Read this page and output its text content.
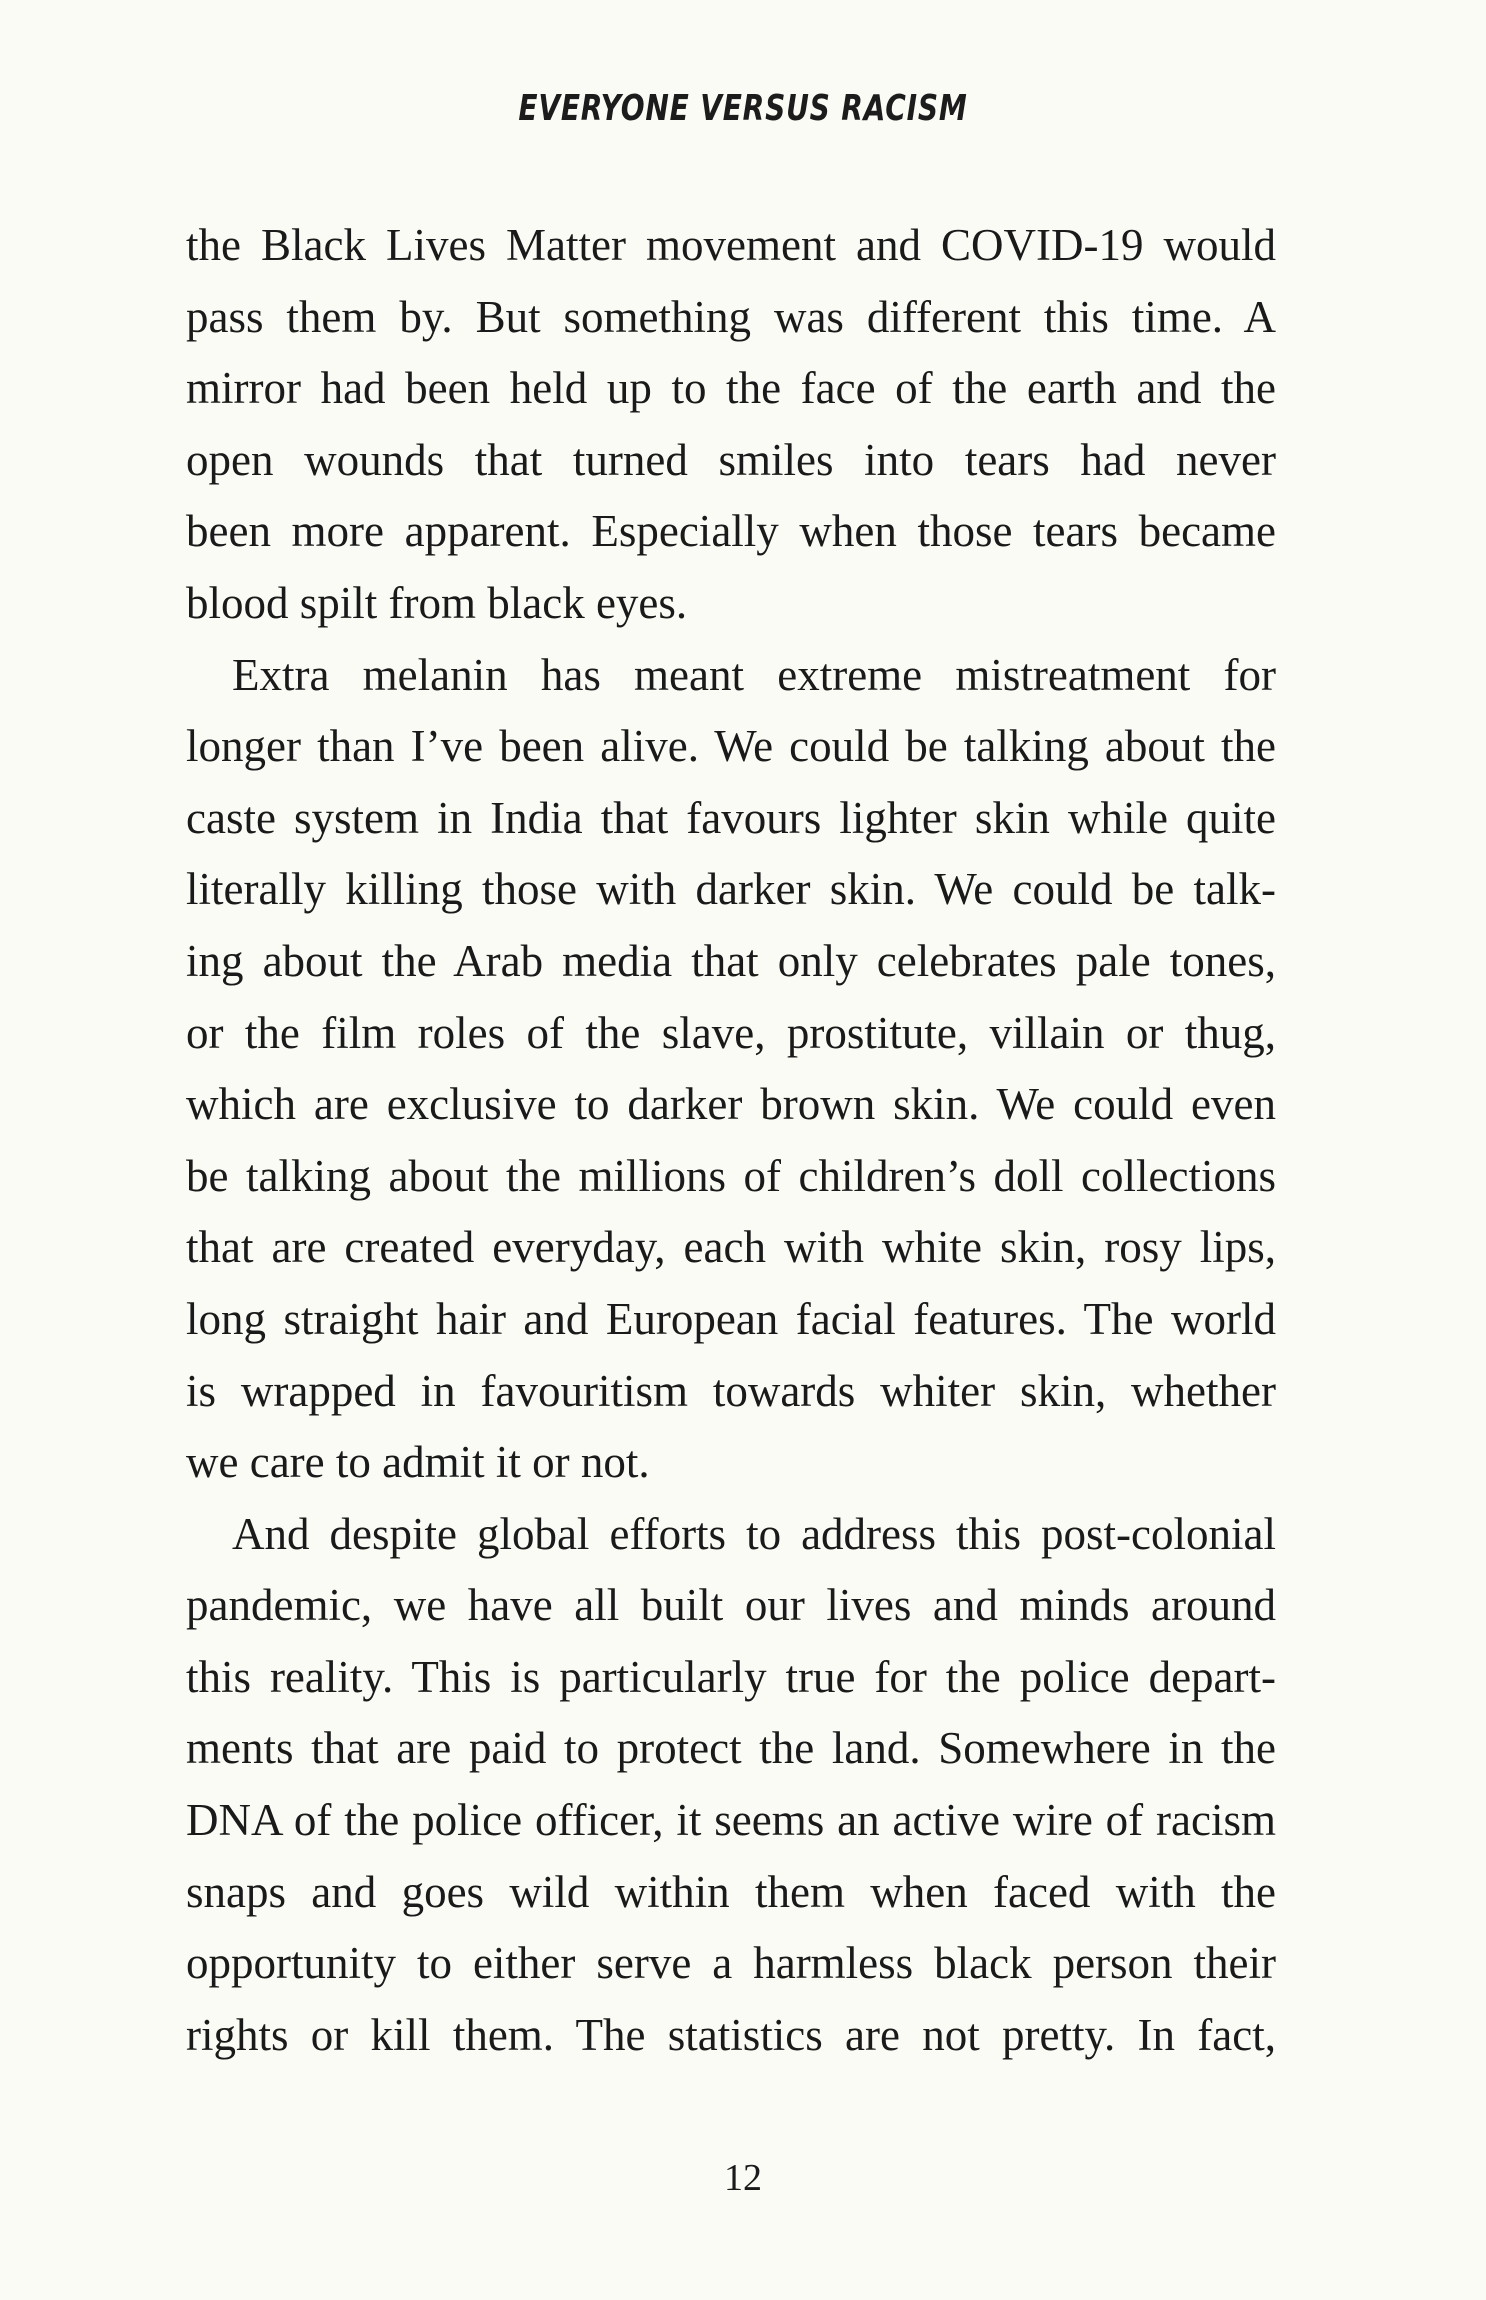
EVERYONE VERSUS RACISM

the Black Lives Matter movement and COVID-19 would
pass them by. But something was different this time. A
mirror had been held up to the face of the earth and the
open wounds that turned smiles into tears had never
been more apparent. Especially when those tears became
blood spilt from black eyes.

Extra melanin has meant extreme mistreatment for
longer than I’ve been alive. We could be talking about the
caste system in India that favours lighter skin while quite
literally killing those with darker skin. We could be talk-
ing about the Arab media that only celebrates pale tones,
or the film roles of the slave, prostitute, villain or thug,
which are exclusive to darker brown skin. We could even
be talking about the millions of children’s doll collections
that are created everyday, each with white skin, rosy lips,
long straight hair and European facial features. The world
is wrapped in favouritism towards whiter skin, whether
we care to admit it or not.

And despite global efforts to address this post-colonial
pandemic, we have all built our lives and minds around
this reality. This is particularly true for the police depart-
ments that are paid to protect the land. Somewhere in the
DNA of the police officer, it seems an active wire of racism
snaps and goes wild within them when faced with the
opportunity to either serve a harmless black person their
rights or kill them. The statistics are not pretty. In fact,

12
